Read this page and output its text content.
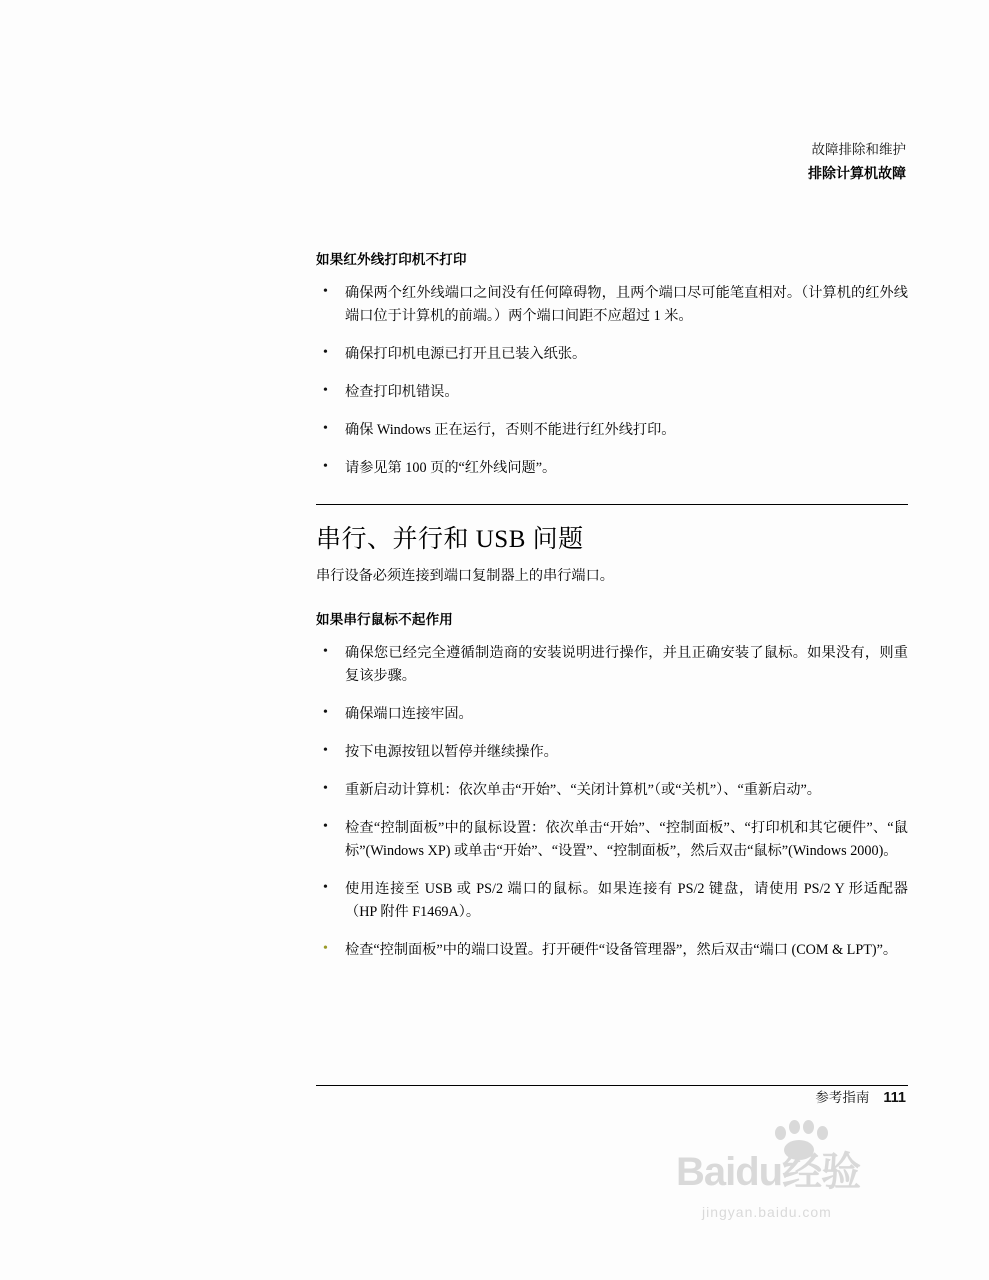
故障排除和维护
排除计算机故障
如果红外线打印机不打印
• 确保两个红外线端口之间没有任何障碍物，且两个端口尽可能笔直相对。（计算机的红外线端口位于计算机的前端。）两个端口间距不应超过 1 米。
• 确保打印机电源已打开且已装入纸张。
• 检查打印机错误。
• 确保 Windows 正在运行，否则不能进行红外线打印。
• 请参见第 100 页的“红外线问题”。
串行、并行和 USB 问题

串行设备必须连接到端口复制器上的串行端口。

如果串行鼠标不起作用
• 确保您已经完全遵循制造商的安装说明进行操作，并且正确安装了鼠标。如果没有，则重复该步骤。
• 确保端口连接牢固。
• 按下电源按钮以暂停并继续操作。
• 重新启动计算机：依次单击“开始”、“关闭计算机”（或“关机”）、“重新启动”。
• 检查“控制面板”中的鼠标设置：依次单击“开始”、“控制面板”、“打印机和其它硬件”、“鼠标”(Windows XP) 或单击“开始”、“设置”、“控制面板”，然后双击“鼠标”(Windows 2000)。
• 使用连接至 USB 或 PS/2 端口的鼠标。如果连接有 PS/2 键盘，请使用 PS/2 Y 形适配器（HP 附件 F1469A）。
• 检查“控制面板”中的端口设置。打开硬件“设备管理器”，然后双击“端口 (COM & LPT)”。
参考指南 111
Baidu经验
jingyan.baidu.com
